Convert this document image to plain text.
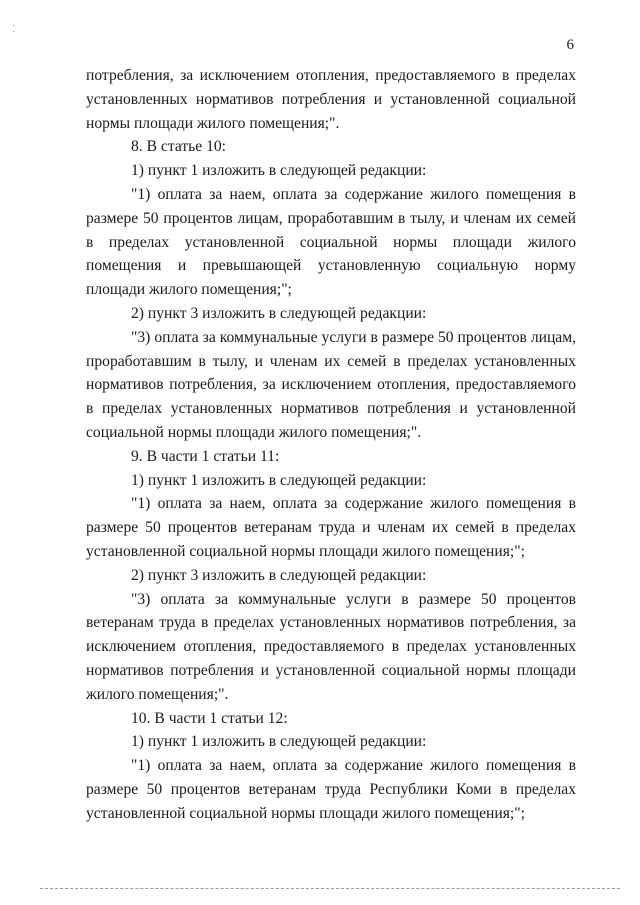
· ·
6

потребления, за исключением отопления, предоставляемого в пределах установленных нормативов потребления и установленной социальной нормы площади жилого помещения;".

8. В статье 10:

1) пункт 1 изложить в следующей редакции:

"1) оплата за наем, оплата за содержание жилого помещения в размере 50 процентов лицам, проработавшим в тылу, и членам их семей в пределах установленной социальной нормы площади жилого помещения и превышающей установленную социальную норму площади жилого помещения;";

2) пункт 3 изложить в следующей редакции:

"3) оплата за коммунальные услуги в размере 50 процентов лицам, проработавшим в тылу, и членам их семей в пределах установленных нормативов потребления, за исключением отопления, предоставляемого в пределах установленных нормативов потребления и установленной социальной нормы площади жилого помещения;".

9. В части 1 статьи 11:

1) пункт 1 изложить в следующей редакции:

"1) оплата за наем, оплата за содержание жилого помещения в размере 50 процентов ветеранам труда и членам их семей в пределах установленной социальной нормы площади жилого помещения;";

2) пункт 3 изложить в следующей редакции:

"3) оплата за коммунальные услуги в размере 50 процентов ветеранам труда в пределах установленных нормативов потребления, за исключением отопления, предоставляемого в пределах установленных нормативов потребления и установленной социальной нормы площади жилого помещения;".

10. В части 1 статьи 12:

1) пункт 1 изложить в следующей редакции:

"1) оплата за наем, оплата за содержание жилого помещения в размере 50 процентов ветеранам труда Республики Коми в пределах установленной социальной нормы площади жилого помещения;";
